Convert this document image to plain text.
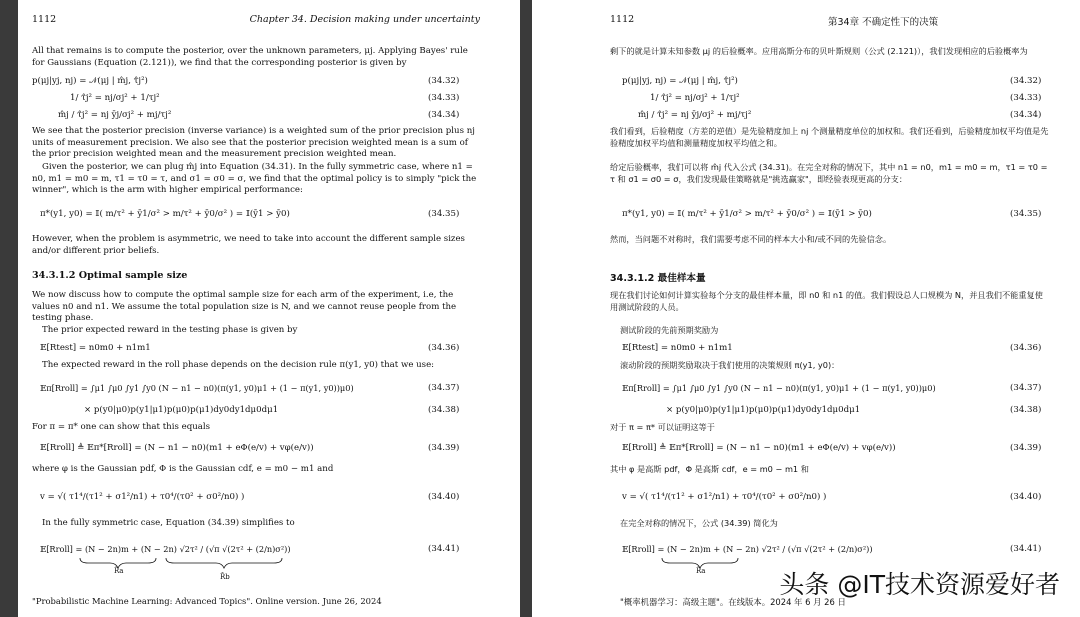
1112	Chapter 34. Decision making under uncertainty
All that remains is to compute the posterior, over the unknown parameters, μj. Applying Bayes' rule for Gaussians (Equation (2.121)), we find that the corresponding posterior is given by
p(μj|yj, nj) = 𝒩(μj | m̂j, τ̂j²)	(34.32)
1/ τ̂j² = nj/σj² + 1/τj²	(34.33)
m̂j / τ̂j² = nj ȳj/σj² + mj/τj²	(34.34)
We see that the posterior precision (inverse variance) is a weighted sum of the prior precision plus nj units of measurement precision. We also see that the posterior precision weighted mean is a sum of the prior precision weighted mean and the measurement precision weighted mean.
Given the posterior, we can plug m̂j into Equation (34.31). In the fully symmetric case, where n1 = n0, m1 = m0 = m, τ1 = τ0 = τ, and σ1 = σ0 = σ, we find that the optimal policy is to simply "pick the winner", which is the arm with higher empirical performance:
π*(y1, y0) = 𝕀( m/τ² + ȳ1/σ² > m/τ² + ȳ0/σ² ) = 𝕀(ȳ1 > ȳ0)	(34.35)
However, when the problem is asymmetric, we need to take into account the different sample sizes and/or different prior beliefs.
34.3.1.2 Optimal sample size
We now discuss how to compute the optimal sample size for each arm of the experiment, i.e, the values n0 and n1. We assume the total population size is N, and we cannot reuse people from the testing phase.
The prior expected reward in the testing phase is given by
𝔼[Rtest] = n0m0 + n1m1	(34.36)
The expected reward in the roll phase depends on the decision rule π(y1, y0) that we use:
𝔼π[Rroll] = ∫μ1 ∫μ0 ∫y1 ∫y0 (N − n1 − n0)(π(y1, y0)μ1 + (1 − π(y1, y0))μ0)	(34.37)
× p(y0|μ0)p(y1|μ1)p(μ0)p(μ1)dy0dy1dμ0dμ1	(34.38)
For π = π* one can show that this equals
𝔼[Rroll] ≜ 𝔼π*[Rroll] = (N − n1 − n0)(m1 + eΦ(e/v) + vφ(e/v))	(34.39)
where φ is the Gaussian pdf, Φ is the Gaussian cdf, e = m0 − m1 and
v = √( τ1⁴/(τ1² + σ1²/n1) + τ0⁴/(τ0² + σ0²/n0) )	(34.40)
In the fully symmetric case, Equation (34.39) simplifies to
𝔼[Rroll] = (N − 2n)m + (N − 2n) √2τ² / (√π √(2τ² + (2/n)σ²))	(34.41)
R̂a
R̂b
"Probabilistic Machine Learning: Advanced Topics". Online version. June 26, 2024
1112	第34章 不确定性下的决策
剩下的就是计算未知参数 μj 的后验概率。应用高斯分布的贝叶斯规则（公式 (2.121)），我们发现相应的后验概率为
p(μj|yj, nj) = 𝒩(μj | m̂j, τ̂j²)	(34.32)
1/ τ̂j² = nj/σj² + 1/τj²	(34.33)
m̂j / τ̂j² = nj ȳj/σj² + mj/τj²	(34.34)
我们看到，后验精度（方差的逆值）是先验精度加上 nj 个测量精度单位的加权和。我们还看到，后验精度加权平均值是先验精度加权平均值和测量精度加权平均值之和。
给定后验概率，我们可以将 m̂j 代入公式 (34.31)。在完全对称的情况下，其中 n1 = n0，m1 = m0 = m，τ1 = τ0 = τ 和 σ1 = σ0 = σ，我们发现最佳策略就是"挑选赢家"，即经验表现更高的分支：
π*(y1, y0) = 𝕀( m/τ² + ȳ1/σ² > m/τ² + ȳ0/σ² ) = 𝕀(ȳ1 > ȳ0)	(34.35)
然而，当问题不对称时，我们需要考虑不同的样本大小和/或不同的先验信念。
34.3.1.2 最佳样本量
现在我们讨论如何计算实验每个分支的最佳样本量，即 n0 和 n1 的值。我们假设总人口规模为 N，并且我们不能重复使用测试阶段的人员。
测试阶段的先前预期奖励为
𝔼[Rtest] = n0m0 + n1m1	(34.36)
滚动阶段的预期奖励取决于我们使用的决策规则 π(y1, y0)：
𝔼π[Rroll] = ∫μ1 ∫μ0 ∫y1 ∫y0 (N − n1 − n0)(π(y1, y0)μ1 + (1 − π(y1, y0))μ0)	(34.37)
× p(y0|μ0)p(y1|μ1)p(μ0)p(μ1)dy0dy1dμ0dμ1	(34.38)
对于 π = π* 可以证明这等于
𝔼[Rroll] ≜ 𝔼π*[Rroll] = (N − n1 − n0)(m1 + eΦ(e/v) + vφ(e/v))	(34.39)
其中 φ 是高斯 pdf，Φ 是高斯 cdf，e = m0 − m1 和
v = √( τ1⁴/(τ1² + σ1²/n1) + τ0⁴/(τ0² + σ0²/n0) )	(34.40)
在完全对称的情况下，公式 (34.39) 简化为
𝔼[Rroll] = (N − 2n)m + (N − 2n) √2τ² / (√π √(2τ² + (2/n)σ²))	(34.41)
R̂a
"概率机器学习：高级主题"。在线版本。2024 年 6 月 26 日
头条 @IT技术资源爱好者
